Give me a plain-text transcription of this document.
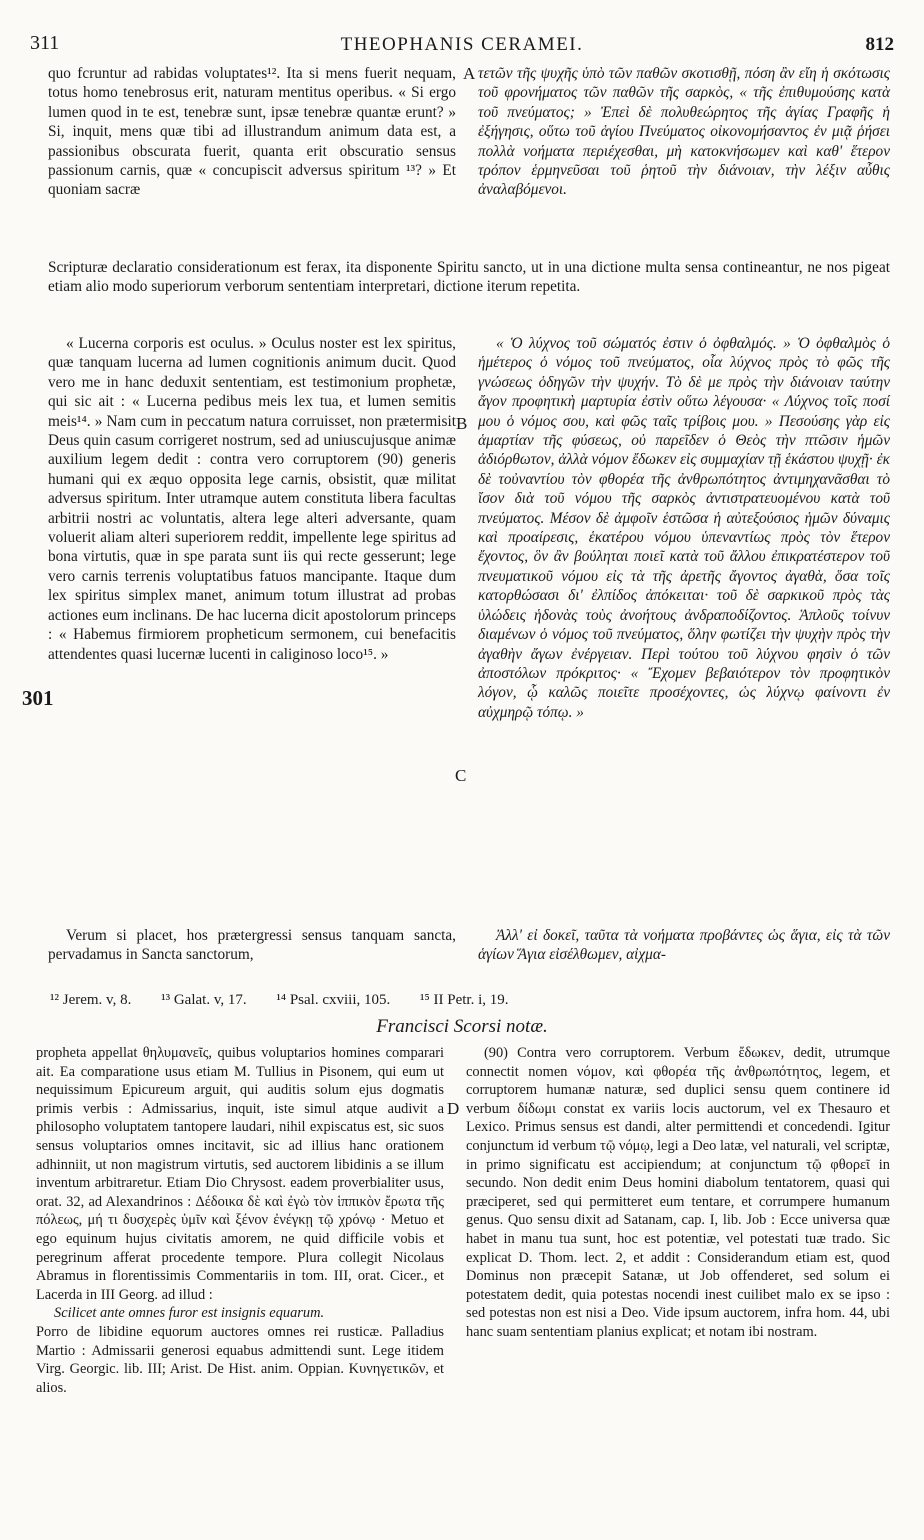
311	THEOPHANIS CERAMEI.	812

quo fcruntur ad rabidas voluptates¹². Ita si mens fuerit nequam, totus homo tenebrosus erit, naturam mentitus operibus. « Si ergo lumen quod in te est, tenebræ sunt, ipsæ tenebræ quantæ erunt? » Si, inquit, mens quæ tibi ad illustrandum animum data est, a passionibus obscurata fuerit, quanta erit obscuratio sensus passionum carnis, quæ « concupiscit adversus spiritum ¹³? » Et quoniam sacræ

A τετῶν τῆς ψυχῆς ὑπὸ τῶν παθῶν σκοτισθῇ, πόση ἂν εἴη ἡ σκότωσις τοῦ φρονήματος τῶν παθῶν τῆς σαρκὸς, « τῆς ἐπιθυμούσης κατὰ τοῦ πνεύματος; » Ἐπεὶ δὲ πολυθεώρητος τῆς ἁγίας Γραφῆς ἡ ἐξήγησις, οὕτω τοῦ ἁγίου Πνεύματος οἰκονομήσαντος ἐν μιᾷ ῥήσει πολλὰ νοήματα περιέχεσθαι, μὴ κατοκνήσωμεν καὶ καθ' ἕτερον τρόπον ἑρμηνεῦσαι τοῦ ῥητοῦ τὴν διάνοιαν, τὴν λέξιν αὖθις ἀναλαβόμενοι.

Scripturæ declaratio considerationum est ferax, ita disponente Spiritu sancto, ut in una dictione multa sensa contineantur, ne nos pigeat etiam alio modo superiorum verborum sententiam interpretari, dictione iterum repetita.

« Lucerna corporis est oculus. » Oculus noster est lex spiritus, quæ tanquam lucerna ad lumen cognitionis animum ducit. Quod vero me in hanc deduxit sententiam, est testimonium prophetæ, qui sic ait : « Lucerna pedibus meis lex tua, et lumen semitis meis¹⁴. » Nam cum in peccatum natura corruisset, non prætermisit Deus quin casum corrigeret nostrum, sed ad uniuscujusque animæ auxilium legem dedit : contra vero corruptorem (90) generis humani qui ex æquo opposita lege carnis, obsistit, quæ militat adversus spiritum. Inter utramque autem constituta libera facultas arbitrii nostri ac voluntatis, altera lege alteri adversante, quam voluerit aliam alteri superiorem reddit, impellente lege spiritus ad bona virtutis, quæ in spe parata sunt iis qui recte gesserunt; lege vero carnis terrenis voluptatibus fatuos mancipante. Itaque dum lex spiritus simplex manet, animum totum illustrat ad probas actiones eum inclinans. De hac lucerna dicit apostolorum princeps : « Habemus firmiorem propheticum sermonem, cui benefacitis attendentes quasi lucernæ lucenti in caliginoso loco¹⁵. »

B
C
301

« Ὁ λύχνος τοῦ σώματός ἐστιν ὁ ὀφθαλμός. » Ὁ ὀφθαλμὸς ὁ ἡμέτερος ὁ νόμος τοῦ πνεύματος, οἷα λύχνος πρὸς τὸ φῶς τῆς γνώσεως ὁδηγῶν τὴν ψυχήν. Τὸ δὲ με πρὸς τὴν διάνοιαν ταύτην ἄγον προφητικὴ μαρτυρία ἐστὶν οὕτω λέγουσα· « Λύχνος τοῖς ποσί μου ὁ νόμος σου, καὶ φῶς ταῖς τρίβοις μου. » Πεσούσης γὰρ εἰς ἁμαρτίαν τῆς φύσεως, οὐ παρεῖδεν ὁ Θεὸς τὴν πτῶσιν ἡμῶν ἀδιόρθωτον, ἀλλὰ νόμον ἔδωκεν εἰς συμμαχίαν τῇ ἑκάστου ψυχῇ· ἐκ δὲ τοὐναντίου τὸν φθορέα τῆς ἀνθρωπότητος ἀντιμηχανᾶσθαι τὸ ἴσον διὰ τοῦ νόμου τῆς σαρκὸς ἀντιστρατευομένου κατὰ τοῦ πνεύματος. Μέσον δὲ ἀμφοῖν ἑστῶσα ἡ αὐτεξούσιος ἡμῶν δύναμις καὶ προαίρεσις, ἑκατέρου νόμου ὑπεναντίως πρὸς τὸν ἕτερον ἔχοντος, ὃν ἂν βούληται ποιεῖ κατὰ τοῦ ἄλλου ἐπικρατέστερον τοῦ πνευματικοῦ νόμου εἰς τὰ τῆς ἀρετῆς ἄγοντος ἀγαθὰ, ὅσα τοῖς κατορθώσασι δι' ἐλπίδος ἀπόκειται· τοῦ δὲ σαρκικοῦ πρὸς τὰς ὑλώδεις ἡδονὰς τοὺς ἀνοήτους ἀνδραποδίζοντος. Ἁπλοῦς τοίνυν διαμένων ὁ νόμος τοῦ πνεύματος, ὅλην φωτίζει τὴν ψυχὴν πρὸς τὴν ἀγαθὴν ἄγων ἐνέργειαν. Περὶ τούτου τοῦ λύχνου φησὶν ὁ τῶν ἀποστόλων πρόκριτος· « Ἔχομεν βεβαιότερον τὸν προφητικὸν λόγον, ᾧ καλῶς ποιεῖτε προσέχοντες, ὡς λύχνῳ φαίνοντι ἐν αὐχμηρῷ τόπῳ. »

Verum si placet, hos prætergressi sensus tanquam sancta, pervadamus in Sancta sanctorum,

Ἀλλ' εἰ δοκεῖ, ταῦτα τὰ νοήματα προβάντες ὡς ἅγια, εἰς τὰ τῶν ἁγίων Ἅγια εἰσέλθωμεν, αἰχμα-

¹² Jerem. v, 8. ¹³ Galat. v, 17. ¹⁴ Psal. cxviii, 105. ¹⁵ II Petr. i, 19.
Francisci Scorsi notæ.

propheta appellat θηλυμανεῖς, quibus voluptarios homines comparari ait. Ea comparatione usus etiam M. Tullius in Pisonem, qui eum ut nequissimum Epicureum arguit, qui auditis solum ejus dogmatis primis verbis : Admissarius, inquit, iste simul atque audivit a philosopho voluptatem tantopere laudari, nihil expiscatus est, sic suos sensus voluptarios omnes incitavit, sic ad illius hanc orationem adhinniit, ut non magistrum virtutis, sed auctorem libidinis a se illum inventum arbitraretur. Etiam Dio Chrysost. eadem proverbialiter usus, orat. 32, ad Alexandrinos : Δέδοικα δὲ καὶ ἐγὼ τὸν ἱππικὸν ἔρωτα τῆς πόλεως, μή τι δυσχερὲς ὑμῖν καὶ ξένον ἐνέγκῃ τῷ χρόνῳ · Metuo et ego equinum hujus civitatis amorem, ne quid difficile vobis et peregrinum afferat procedente tempore. Plura collegit Nicolaus Abramus in florentissimis Commentariis in tom. III, orat. Cicer., et Lacerda in III Georg. ad illud :

Scilicet ante omnes furor est insignis equarum.

Porro de libidine equorum auctores omnes rei rusticæ. Palladius Martio : Admissarii generosi equabus admittendi sunt. Lege itidem Virg. Georgic. lib. III; Arist. De Hist. anim. Oppian. Κυνηγετικῶν, et alios.

D

(90) Contra vero corruptorem. Verbum ἔδωκεν, dedit, utrumque connectit nomen νόμον, καὶ φθορέα τῆς ἀνθρωπότητος, legem, et corruptorem humanæ naturæ, sed duplici sensu quem continere id verbum δίδωμι constat ex variis locis auctorum, vel ex Thesauro et Lexico. Primus sensus est dandi, alter permittendi et concedendi. Igitur conjunctum id verbum τῷ νόμῳ, legi a Deo latæ, vel naturali, vel scriptæ, in primo significatu est accipiendum; at conjunctum τῷ φθορεῖ in secundo. Non dedit enim Deus homini diabolum tentatorem, quasi qui præciperet, sed qui permitteret eum tentare, et corrumpere humanum genus. Quo sensu dixit ad Satanam, cap. I, lib. Job : Ecce universa quæ habet in manu tua sunt, hoc est potentiæ, vel potestati tuæ trado. Sic explicat D. Thom. lect. 2, et addit : Considerandum etiam est, quod Dominus non præcepit Satanæ, ut Job offenderet, sed solum ei potestatem dedit, quia potestas nocendi inest cuilibet malo ex se ipso : sed potestas non est nisi a Deo. Vide ipsum auctorem, infra hom. 44, ubi hanc suam sententiam planius explicat; et notam ibi nostram.
